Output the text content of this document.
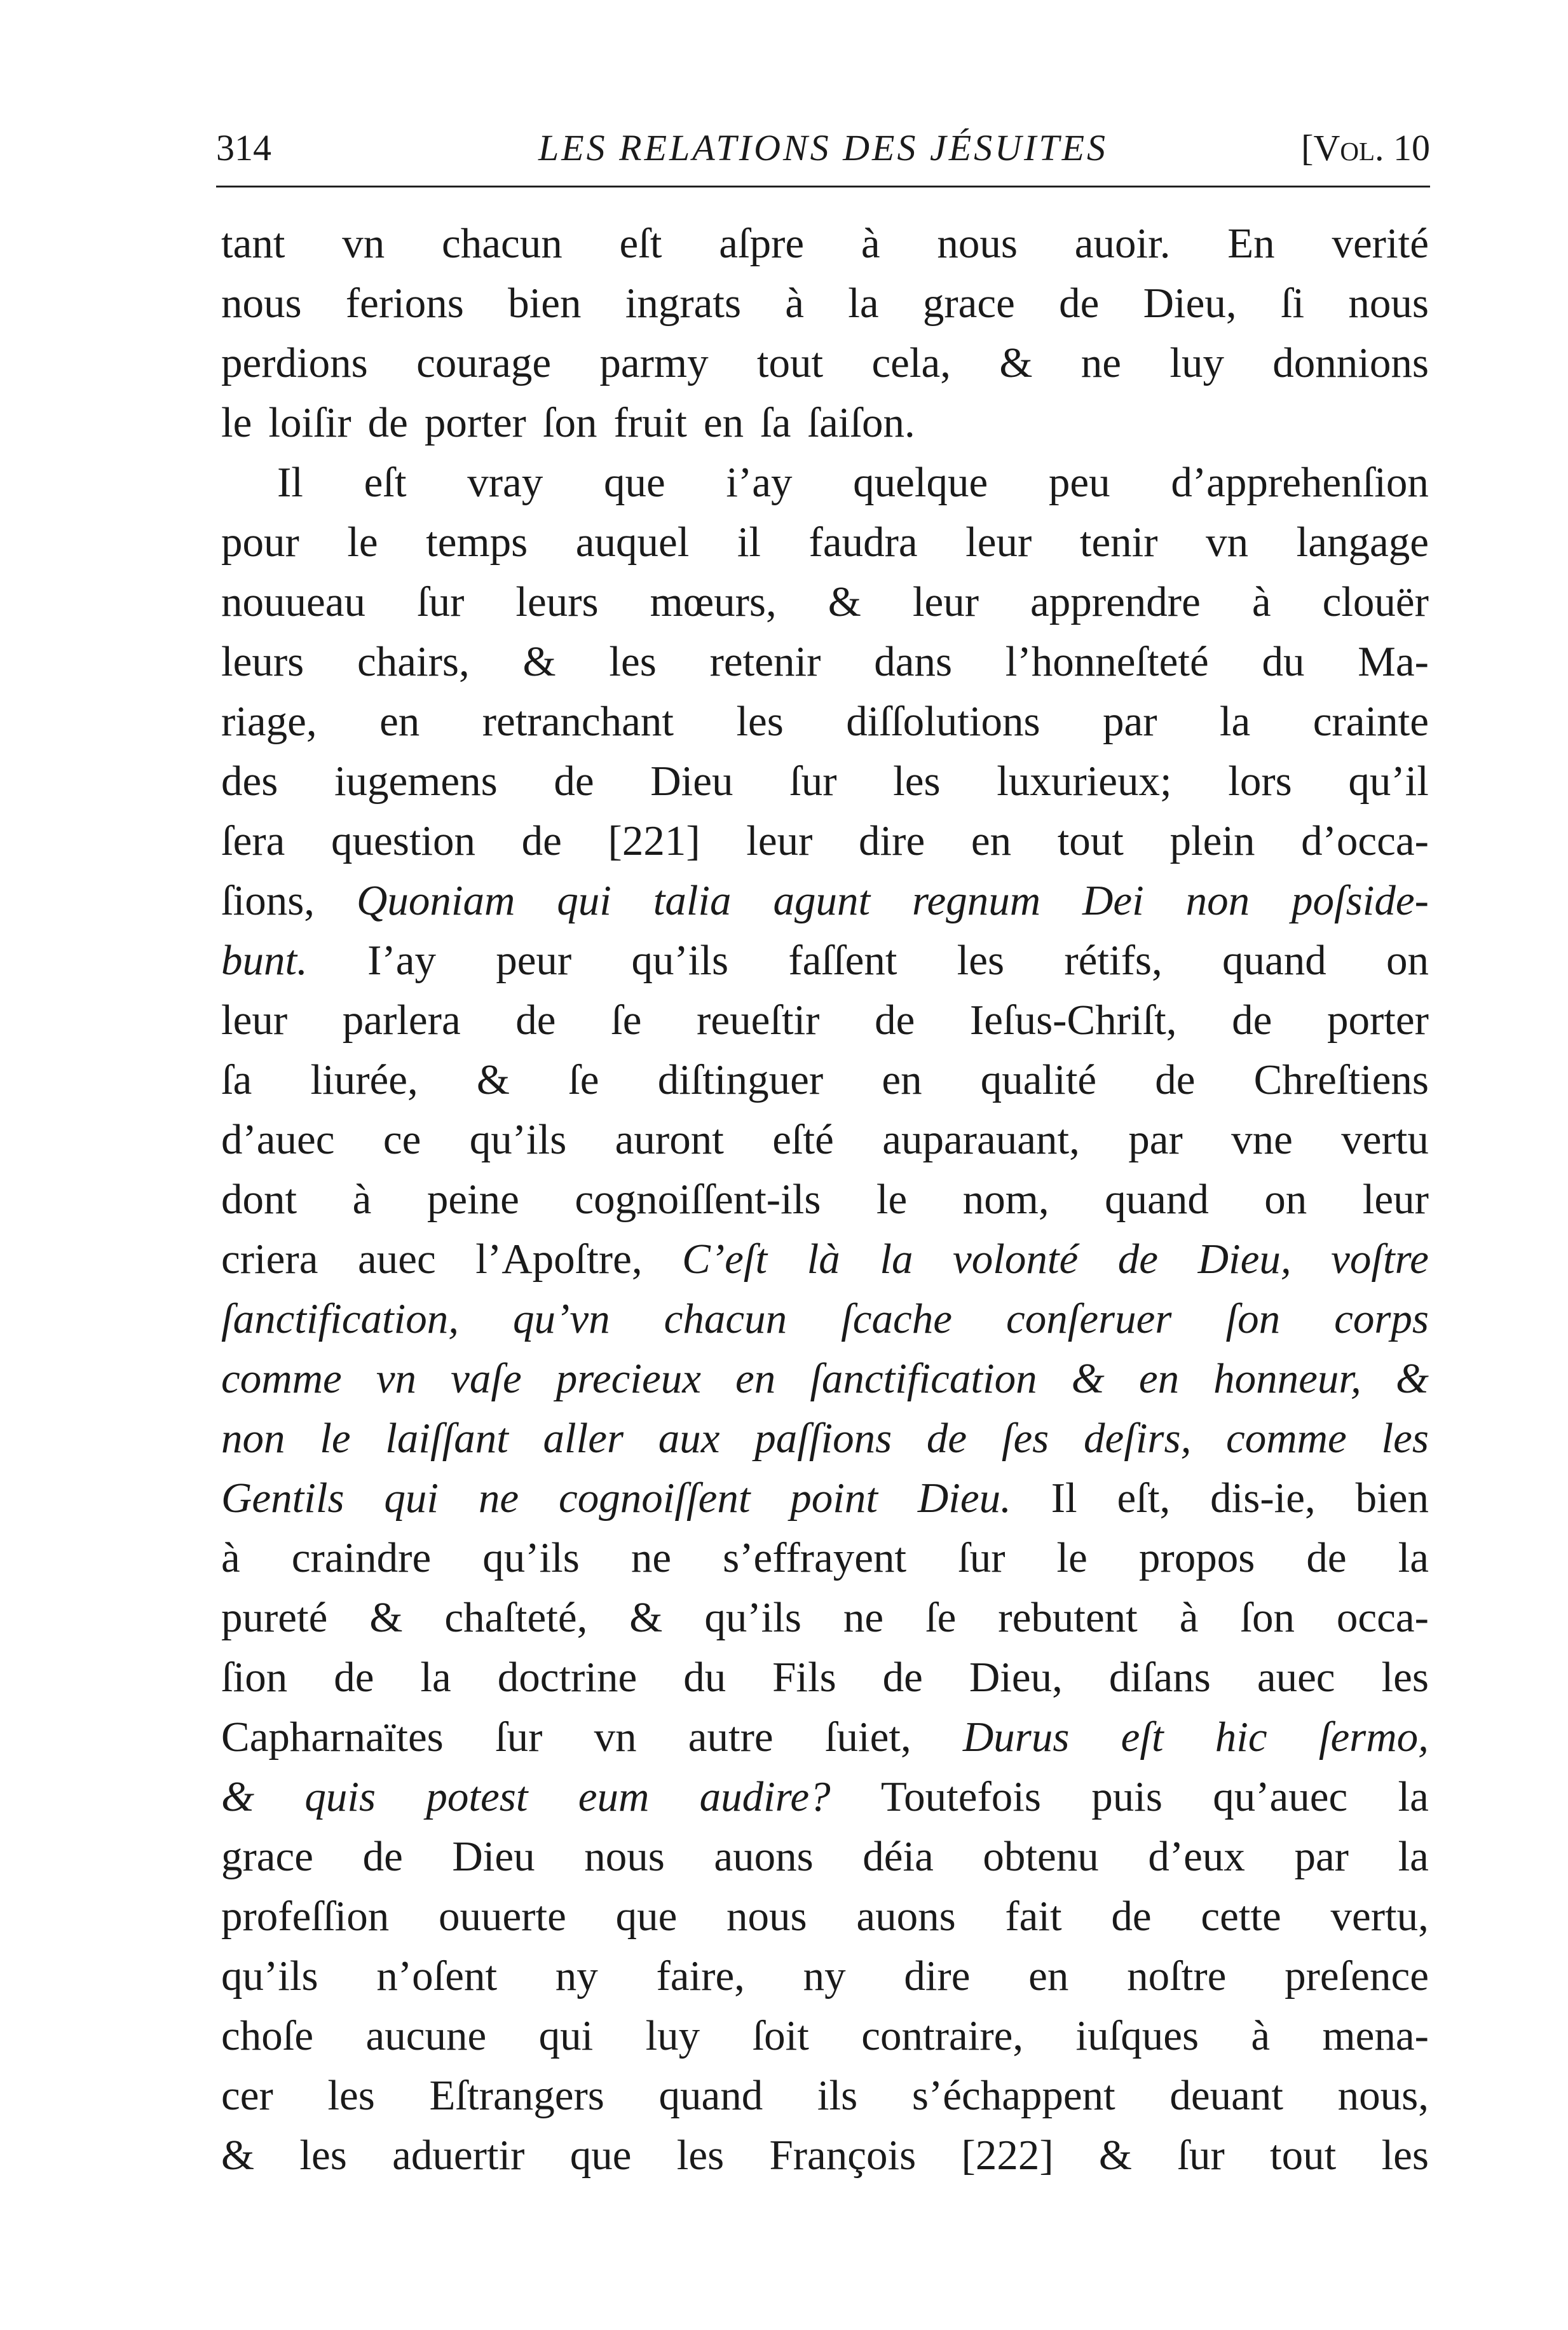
314	LES RELATIONS DES JÉSUITES	[Vol. 10
tant vn chacun eſt aſpre à nous auoir. En verité
nous ferions bien ingrats à la grace de Dieu, ſi nous
perdions courage parmy tout cela, & ne luy donnions
le loiſir de porter ſon fruit en ſa ſaiſon.
Il eſt vray que i’ay quelque peu d’apprehenſion
pour le temps auquel il faudra leur tenir vn langage
nouueau ſur leurs mœurs, & leur apprendre à clouër
leurs chairs, & les retenir dans l’honneſteté du Ma-
riage, en retranchant les diſſolutions par la crainte
des iugemens de Dieu ſur les luxurieux; lors qu’il
ſera question de [221] leur dire en tout plein d’occa-
ſions, Quoniam qui talia agunt regnum Dei non poſside-
bunt. I’ay peur qu’ils faſſent les rétifs, quand on
leur parlera de ſe reueſtir de Ieſus-Chriſt, de porter
ſa liurée, & ſe diſtinguer en qualité de Chreſtiens
d’auec ce qu’ils auront eſté auparauant, par vne vertu
dont à peine cognoiſſent-ils le nom, quand on leur
criera auec l’Apoſtre, C’eſt là la volonté de Dieu, voſtre
ſanctification, qu’vn chacun ſcache conſeruer ſon corps
comme vn vaſe precieux en ſanctification & en honneur, &
non le laiſſant aller aux paſſions de ſes deſirs, comme les
Gentils qui ne cognoiſſent point Dieu. Il eſt, dis-ie, bien
à craindre qu’ils ne s’effrayent ſur le propos de la
pureté & chaſteté, & qu’ils ne ſe rebutent à ſon occa-
ſion de la doctrine du Fils de Dieu, diſans auec les
Capharnaïtes ſur vn autre ſuiet, Durus eſt hic ſermo,
& quis potest eum audire? Toutefois puis qu’auec la
grace de Dieu nous auons déia obtenu d’eux par la
profeſſion ouuerte que nous auons fait de cette vertu,
qu’ils n’oſent ny faire, ny dire en noſtre preſence
choſe aucune qui luy ſoit contraire, iuſques à mena-
cer les Eſtrangers quand ils s’échappent deuant nous,
& les aduertir que les François [222] & ſur tout les
